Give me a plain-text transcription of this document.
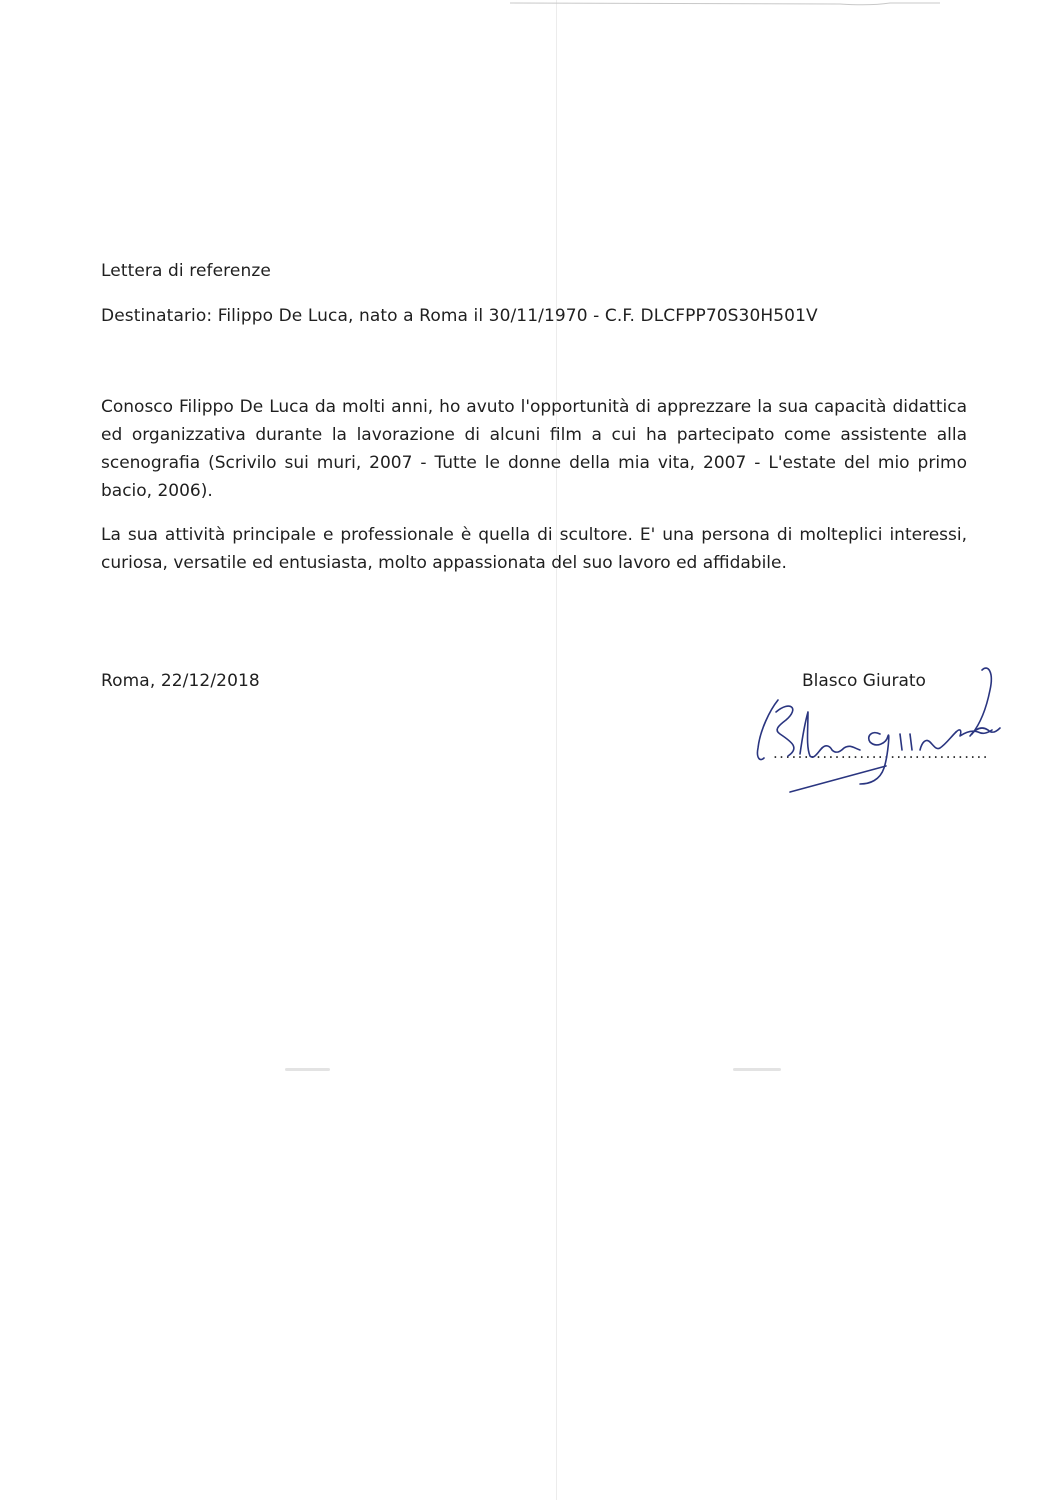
Lettera di referenze
Destinatario: Filippo De Luca, nato a Roma il 30/11/1970 - C.F. DLCFPP70S30H501V

Conosco Filippo De Luca da molti anni, ho avuto l'opportunità di apprezzare la sua capacità didattica ed organizzativa durante la lavorazione di alcuni film a cui ha partecipato come assistente alla scenografia (Scrivilo sui muri, 2007 - Tutte le donne della mia vita, 2007 - L'estate del mio primo bacio, 2006).

La sua attività principale e professionale è quella di scultore. E' una persona di molteplici interessi, curiosa, versatile ed entusiasta, molto appassionata del suo lavoro ed affidabile.

Roma, 22/12/2018	Blasco Giurato
...................................
